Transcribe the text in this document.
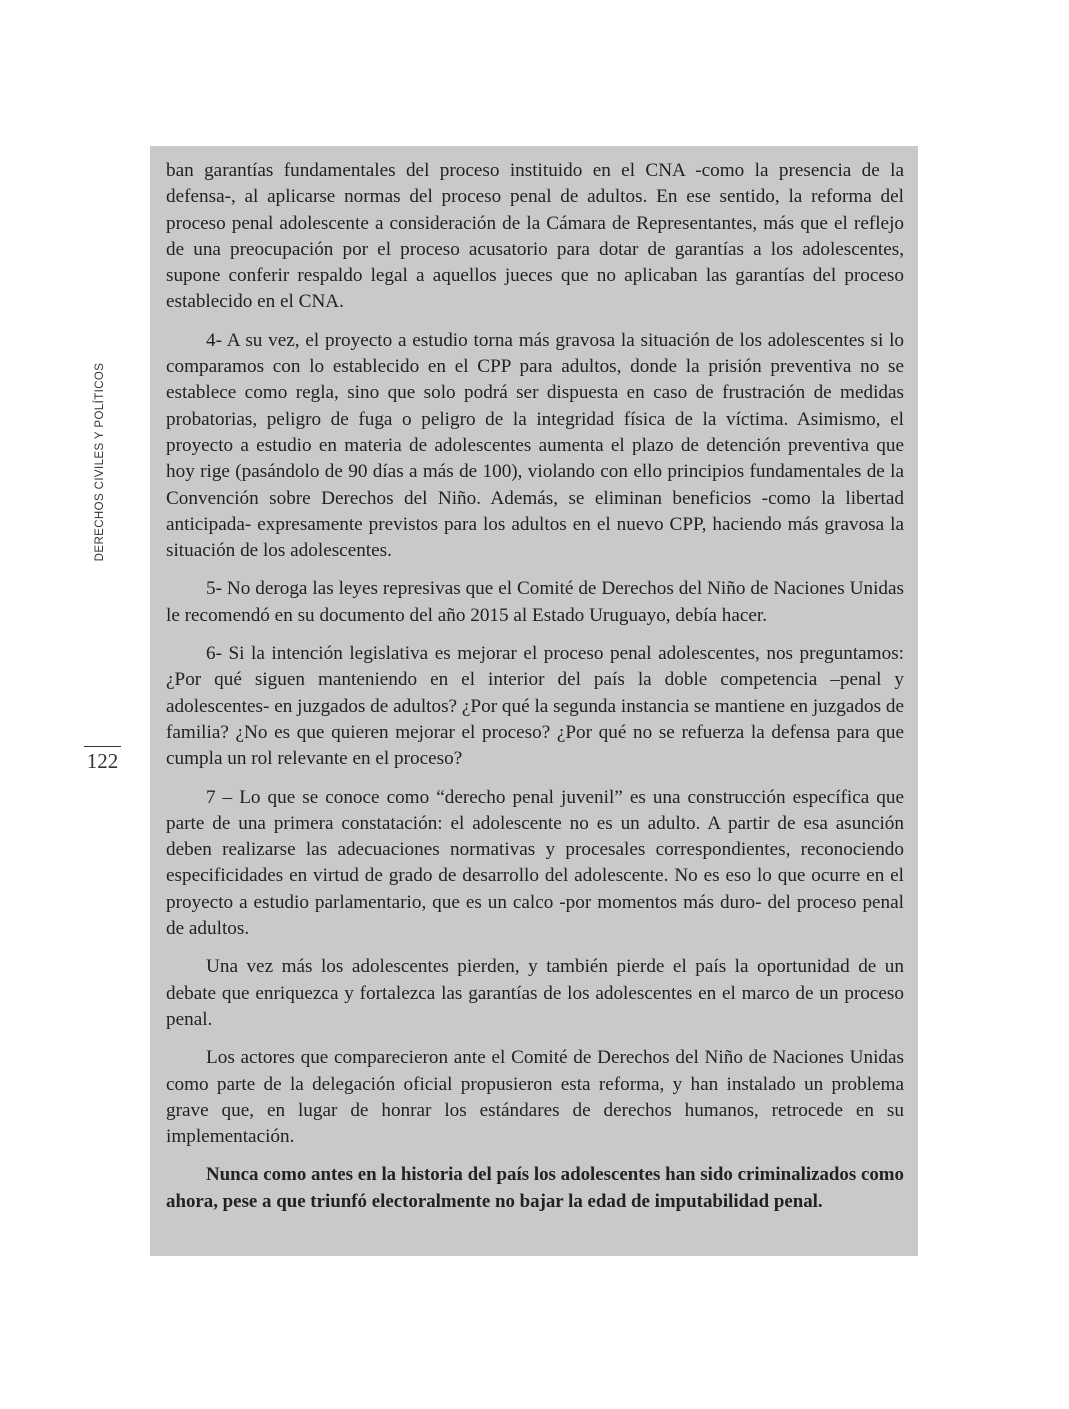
DERECHOS CIVILES Y POLÍTICOS
122

ban garantías fundamentales del proceso instituido en el CNA -como la presencia de la defensa-, al aplicarse normas del proceso penal de adultos. En ese sentido, la reforma del proceso penal adolescente a consideración de la Cámara de Representantes, más que el reflejo de una preocupación por el proceso acusatorio para dotar de garantías a los adolescentes, supone conferir respaldo legal a aquellos jueces que no aplicaban las garantías del proceso establecido en el CNA.

4- A su vez, el proyecto a estudio torna más gravosa la situación de los adolescentes si lo comparamos con lo establecido en el CPP para adultos, donde la prisión preventiva no se establece como regla, sino que solo podrá ser dispuesta en caso de frustración de medidas probatorias, peligro de fuga o peligro de la integridad física de la víctima. Asimismo, el proyecto a estudio en materia de adolescentes aumenta el plazo de detención preventiva que hoy rige (pasándolo de 90 días a más de 100), violando con ello principios fundamentales de la Convención sobre Derechos del Niño. Además, se eliminan beneficios -como la libertad anticipada- expresamente previstos para los adultos en el nuevo CPP, haciendo más gravosa la situación de los adolescentes.

5- No deroga las leyes represivas que el Comité de Derechos del Niño de Naciones Unidas le recomendó en su documento del año 2015 al Estado Uruguayo, debía hacer.

6- Si la intención legislativa es mejorar el proceso penal adolescentes, nos preguntamos: ¿Por qué siguen manteniendo en el interior del país la doble competencia –penal y adolescentes- en juzgados de adultos? ¿Por qué la segunda instancia se mantiene en juzgados de familia? ¿No es que quieren mejorar el proceso? ¿Por qué no se refuerza la defensa para que cumpla un rol relevante en el proceso?

7 – Lo que se conoce como “derecho penal juvenil” es una construcción específica que parte de una primera constatación: el adolescente no es un adulto. A partir de esa asunción deben realizarse las adecuaciones normativas y procesales correspondientes, reconociendo especificidades en virtud de grado de desarrollo del adolescente. No es eso lo que ocurre en el proyecto a estudio parlamentario, que es un calco -por momentos más duro- del proceso penal de adultos.

Una vez más los adolescentes pierden, y también pierde el país la oportunidad de un debate que enriquezca y fortalezca las garantías de los adolescentes en el marco de un proceso penal.

Los actores que comparecieron ante el Comité de Derechos del Niño de Naciones Unidas como parte de la delegación oficial propusieron esta reforma, y han instalado un problema grave que, en lugar de honrar los estándares de derechos humanos, retrocede en su implementación.

Nunca como antes en la historia del país los adolescentes han sido criminalizados como ahora, pese a que triunfó electoralmente no bajar la edad de imputabilidad penal.
